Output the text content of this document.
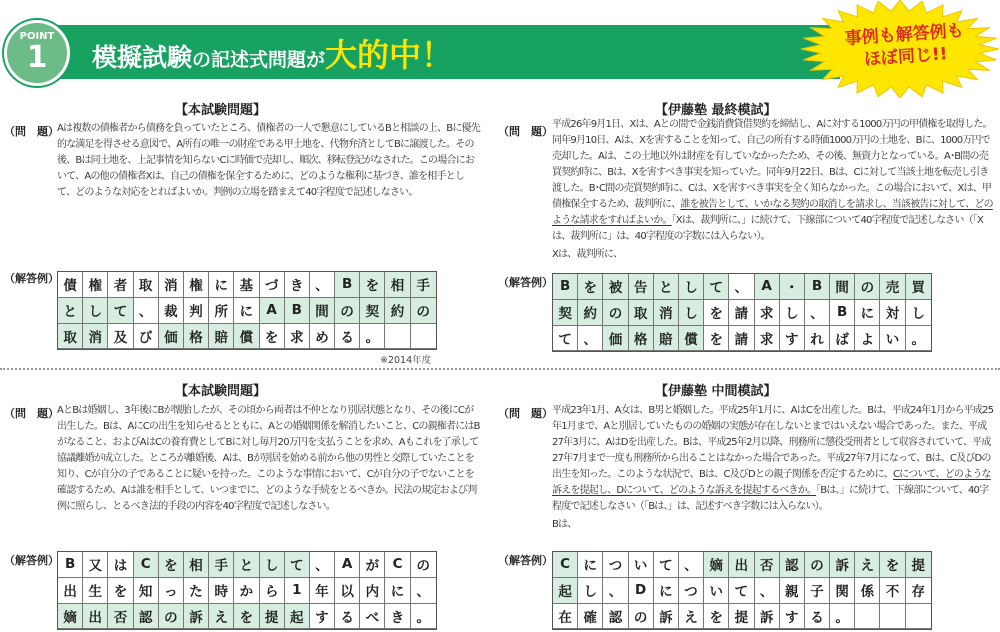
POINT
1	模擬試験の記述式問題が大的中！
事例も解答例も
ほぼ同じ!!
【本試験問題】
（問　題）
Aは複数の債権者から債務を負っていたところ、債権者の一人で懇意にしているBと相談の上、Bに優先的な満足を得させる意図で、A所有の唯一の財産である甲土地を、代物弁済としてBに譲渡した。その後、Bは同土地を、上記事情を知らないCに時価で売却し、順次、移転登記がなされた。この場合において、Aの他の債権者Xは、自己の債権を保全するために、どのような権利に基づき、誰を相手として、どのような対応をとればよいか。判例の立場を踏まえて40字程度で記述しなさい。
（解答例） 債 権 者 取 消 権 に 基 づ き 、 B を 相 手
と し て 、 裁 判 所 に A	B 間 の 契 約 の
取 消 及 び 価 格 賠 償 を 求 め る 。
※2014年度
【伊藤塾 最終模試】
（問　題）
平成26年9月1日、Xは、Aとの間で金銭消費貸借契約を締結し、Aに対する1000万円の甲債権を取得した。同年9月10日、Aは、Xを害することを知って、自己の所有する時価1000万円の土地を、Bに、1000万円で売却した。Aは、この土地以外は財産を有していなかったため、その後、無資力となっている。A･B間の売買契約時に、Bは、Xを害すべき事実を知っていた。同年9月22日、Bは、Cに対して当該土地を転売し引き渡した。B･C間の売買契約時に、Cは、Xを害すべき事実を全く知らなかった。この場合において、Xは、甲債権保全するため、裁判所に、誰を被告として、いかなる契約の取消しを請求し、当該被告に対して、どのような請求をすればよいか。「Xは、裁判所に、」に続けて、下線部について40字程度で記述しなさい（「Xは、裁判所に」は、40字程度の字数には入らない）。
Xは、裁判所に、
（解答例） B を 被 告 と し て 、 A ・ B 間 の 売 買
契 約 の 取 消 し を 請 求 し 、 B に 対 し
て 、 価 格 賠 償 を 請 求 す れ ば よ い 。
【本試験問題】
（問　題）
AとBは婚姻し、3年後にBが懐胎したが、その頃から両者は不仲となり別居状態となり、その後にCが出生した。Bは、AにCの出生を知らせるとともに、Aとの婚姻関係を解消したいこと、Cの親権者にはBがなること、およびAはCの養育費としてBに対し毎月20万円を支払うことを求め、Aもこれを了承して協議離婚が成立した。ところが離婚後、Aは、Bが別居を始める前から他の男性と交際していたことを知り、Cが自分の子であることに疑いを持った。このような事情において、Cが自分の子でないことを確認するため、Aは誰を相手として、いつまでに、どのような手続をとるべきか。民法の規定および判例に照らし、とるべき法的手段の内容を40字程度で記述しなさい。
（解答例） B 又 は C を 相 手 と し て 、 A が C	の
出 生 を 知 っ た 時 か ら	1	年 以 内 に 、
嫡 出 否 認 の 訴 え を 提 起 す る べ き 。
【伊藤塾 中間模試】
（問　題） 平成23年1月、A女は、B男と婚姻した。平成25年1月に、AはCを出産した。Bは、平成24年1月から平成25年1月まで、Aと別居していたものの婚姻の実態が存在しないとまではいえない場合であった。また、平成27年3月に、AはDを出産した。Bは、平成25年2月以降、刑務所に懲役受刑者として収容されていて、平成27年7月まで一度も刑務所から出ることはなかった場合であった。平成27年7月になって、Bは、C及びDの出生を知った。このような状況で、Bは、C及びDとの親子関係を否定するために、Cについて、どのような訴えを提起し、Dについて、どのような訴えを提起するべきか。「Bは、」に続けて、下線部について、40字程度で記述しなさい（「Bは、」は、記述すべき字数には入らない）。
Bは、
（解答例） C に つ い て 、 嫡 出 否 認 の 訴 え を 提
起 し 、 D に つ い て 、 親 子 関 係 不 存
在 確 認 の 訴 え を 提 訴 す る 。
